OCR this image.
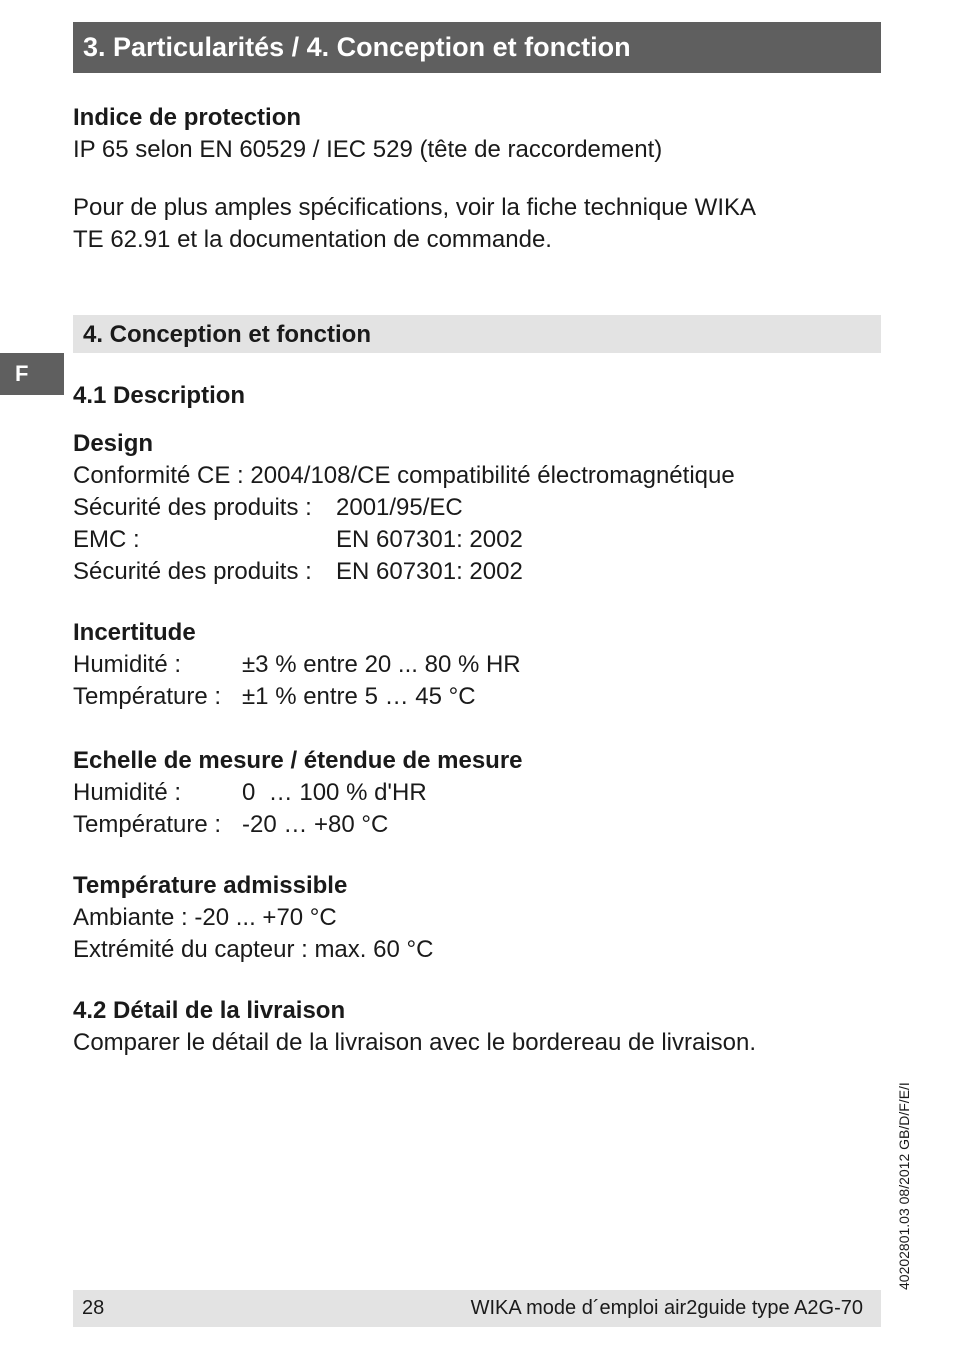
3. Particularités / 4. Conception et fonction
Indice de protection
IP 65 selon EN 60529 / IEC 529 (tête de raccordement)
Pour de plus amples spécifications, voir la fiche technique WIKA
TE 62.91 et la documentation de commande.
4. Conception et fonction
F
4.1 Description
Design
Conformité CE : 2004/108/CE compatibilité électromagnétique
Sécurité des produits : 2001/95/EC
EMC :	EN 607301: 2002
Sécurité des produits : EN 607301: 2002
Incertitude
Humidité :	±3 % entre 20 ... 80 % HR
Température : ±1 % entre 5 … 45 °C
Echelle de mesure / étendue de mesure
Humidité :	0  … 100 % d'HR
Température : -20 … +80 °C
Température admissible
Ambiante : -20 ... +70 °C
Extrémité du capteur : max. 60 °C
4.2 Détail de la livraison
Comparer le détail de la livraison avec le bordereau de livraison.
40202801.03 08/2012 GB/D/F/E/I
28	WIKA mode d´emploi air2guide type A2G-70
